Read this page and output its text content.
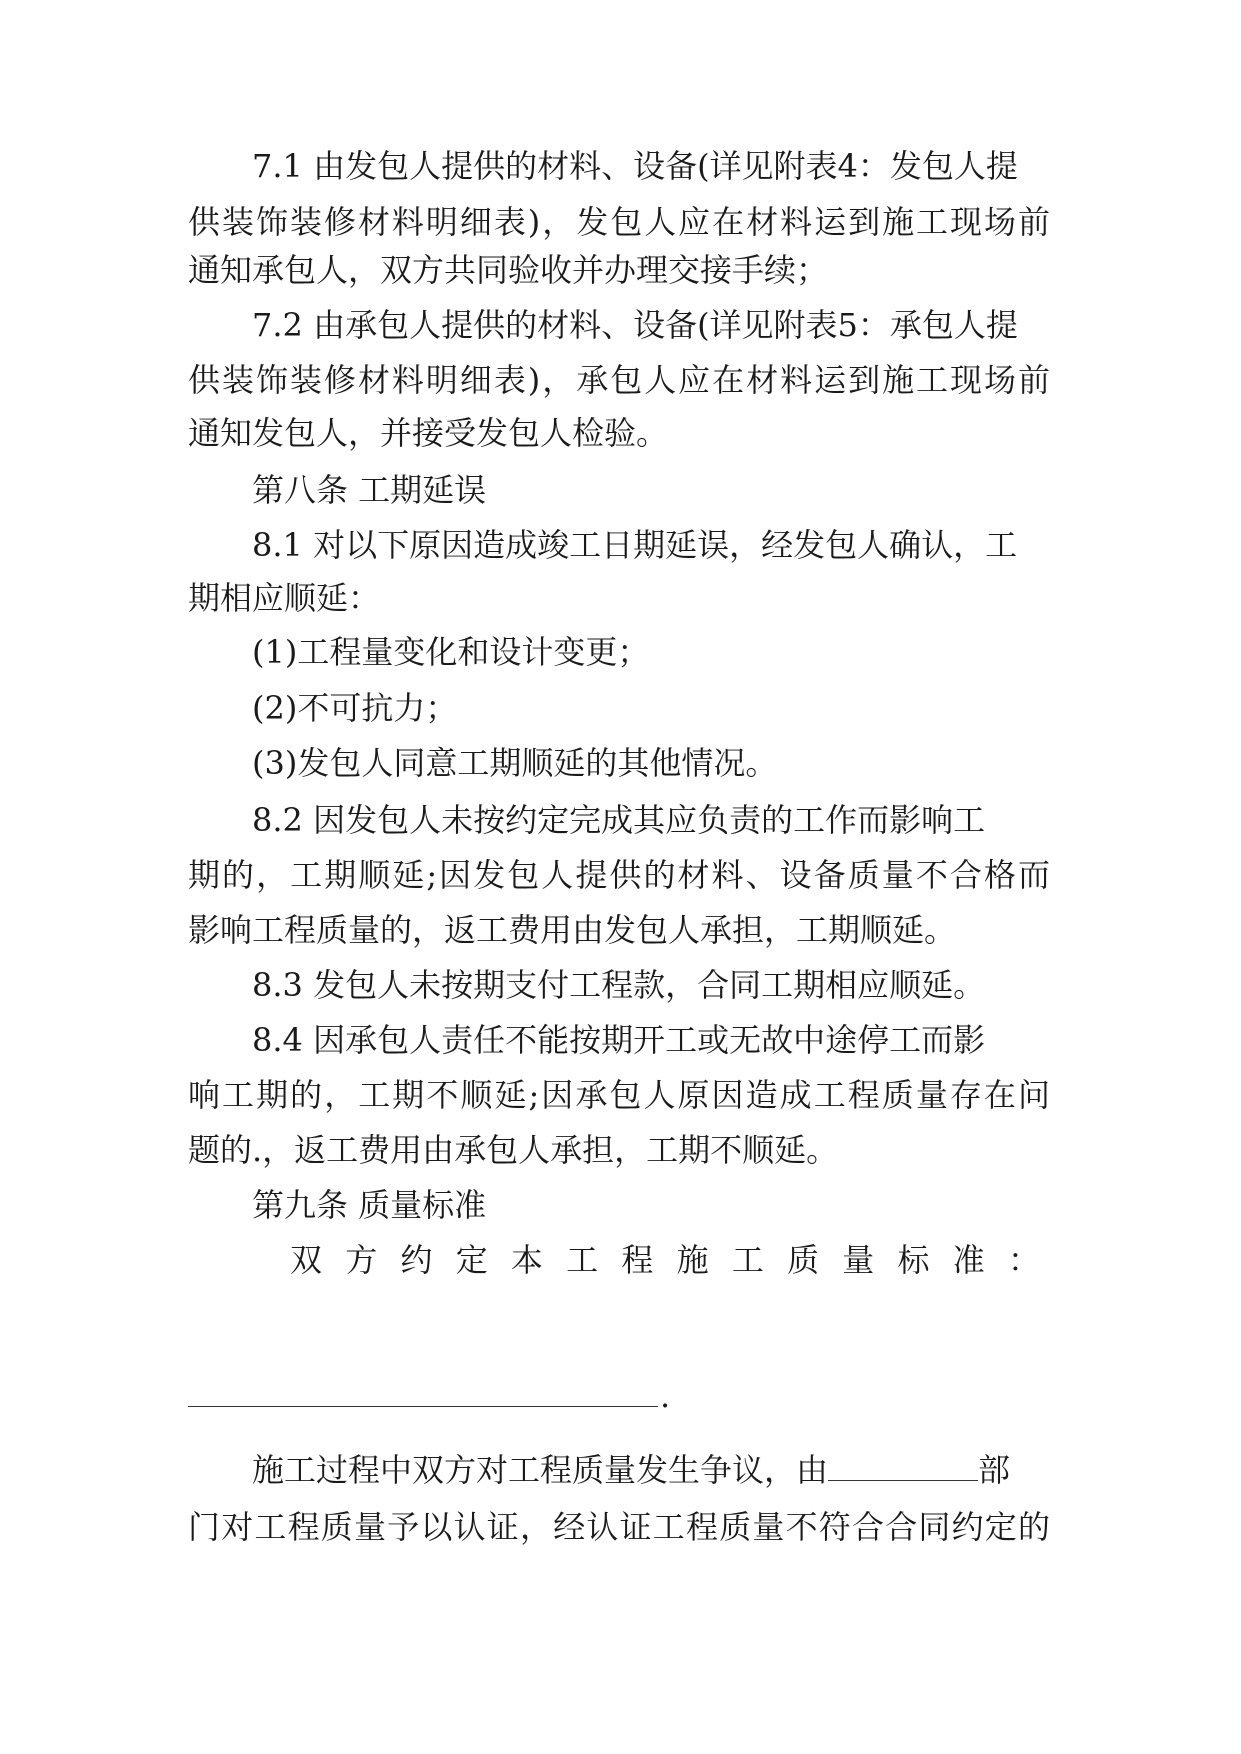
7.1 由发包人提供的材料、设备(详见附表4：发包人提
供装饰装修材料明细表)，发包人应在材料运到施工现场前
通知承包人，双方共同验收并办理交接手续；
7.2 由承包人提供的材料、设备(详见附表5：承包人提
供装饰装修材料明细表)，承包人应在材料运到施工现场前
通知发包人，并接受发包人检验。
第八条 工期延误
8.1 对以下原因造成竣工日期延误，经发包人确认，工
期相应顺延：
(1)工程量变化和设计变更；
(2)不可抗力；
(3)发包人同意工期顺延的其他情况。
8.2 因发包人未按约定完成其应负责的工作而影响工
期的，工期顺延;因发包人提供的材料、设备质量不合格而
影响工程质量的，返工费用由发包人承担，工期顺延。
8.3 发包人未按期支付工程款，合同工期相应顺延。
8.4 因承包人责任不能按期开工或无故中途停工而影
响工期的，工期不顺延;因承包人原因造成工程质量存在问
题的.，返工费用由承包人承担，工期不顺延。
第九条 质量标准
双方约定本工程施工质量标准：
.
施工过程中双方对工程质量发生争议，由	部
门对工程质量予以认证，经认证工程质量不符合合同约定的
